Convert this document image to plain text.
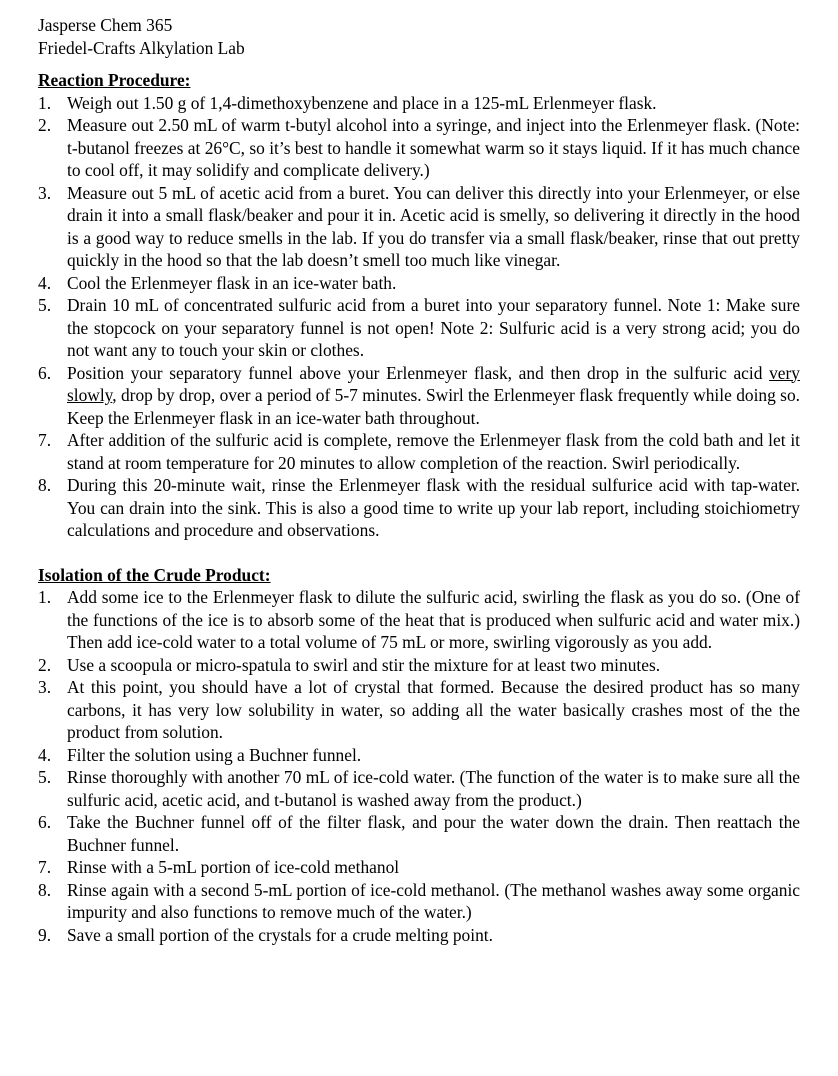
Jasperse Chem 365
Friedel-Crafts Alkylation Lab
Reaction Procedure:
1. Weigh out 1.50 g of 1,4-dimethoxybenzene and place in a 125-mL Erlenmeyer flask.
2. Measure out 2.50 mL of warm t-butyl alcohol into a syringe, and inject into the Erlenmeyer flask. (Note: t-butanol freezes at 26°C, so it’s best to handle it somewhat warm so it stays liquid. If it has much chance to cool off, it may solidify and complicate delivery.)
3. Measure out 5 mL of acetic acid from a buret. You can deliver this directly into your Erlenmeyer, or else drain it into a small flask/beaker and pour it in. Acetic acid is smelly, so delivering it directly in the hood is a good way to reduce smells in the lab. If you do transfer via a small flask/beaker, rinse that out pretty quickly in the hood so that the lab doesn’t smell too much like vinegar.
4. Cool the Erlenmeyer flask in an ice-water bath.
5. Drain 10 mL of concentrated sulfuric acid from a buret into your separatory funnel. Note 1: Make sure the stopcock on your separatory funnel is not open! Note 2: Sulfuric acid is a very strong acid; you do not want any to touch your skin or clothes.
6. Position your separatory funnel above your Erlenmeyer flask, and then drop in the sulfuric acid very slowly, drop by drop, over a period of 5-7 minutes. Swirl the Erlenmeyer flask frequently while doing so. Keep the Erlenmeyer flask in an ice-water bath throughout.
7. After addition of the sulfuric acid is complete, remove the Erlenmeyer flask from the cold bath and let it stand at room temperature for 20 minutes to allow completion of the reaction. Swirl periodically.
8. During this 20-minute wait, rinse the Erlenmeyer flask with the residual sulfurice acid with tap-water. You can drain into the sink. This is also a good time to write up your lab report, including stoichiometry calculations and procedure and observations.
Isolation of the Crude Product:
1. Add some ice to the Erlenmeyer flask to dilute the sulfuric acid, swirling the flask as you do so. (One of the functions of the ice is to absorb some of the heat that is produced when sulfuric acid and water mix.) Then add ice-cold water to a total volume of 75 mL or more, swirling vigorously as you add.
2. Use a scoopula or micro-spatula to swirl and stir the mixture for at least two minutes.
3. At this point, you should have a lot of crystal that formed. Because the desired product has so many carbons, it has very low solubility in water, so adding all the water basically crashes most of the the product from solution.
4. Filter the solution using a Buchner funnel.
5. Rinse thoroughly with another 70 mL of ice-cold water. (The function of the water is to make sure all the sulfuric acid, acetic acid, and t-butanol is washed away from the product.)
6. Take the Buchner funnel off of the filter flask, and pour the water down the drain. Then reattach the Buchner funnel.
7. Rinse with a 5-mL portion of ice-cold methanol
8. Rinse again with a second 5-mL portion of ice-cold methanol. (The methanol washes away some organic impurity and also functions to remove much of the water.)
9. Save a small portion of the crystals for a crude melting point.
